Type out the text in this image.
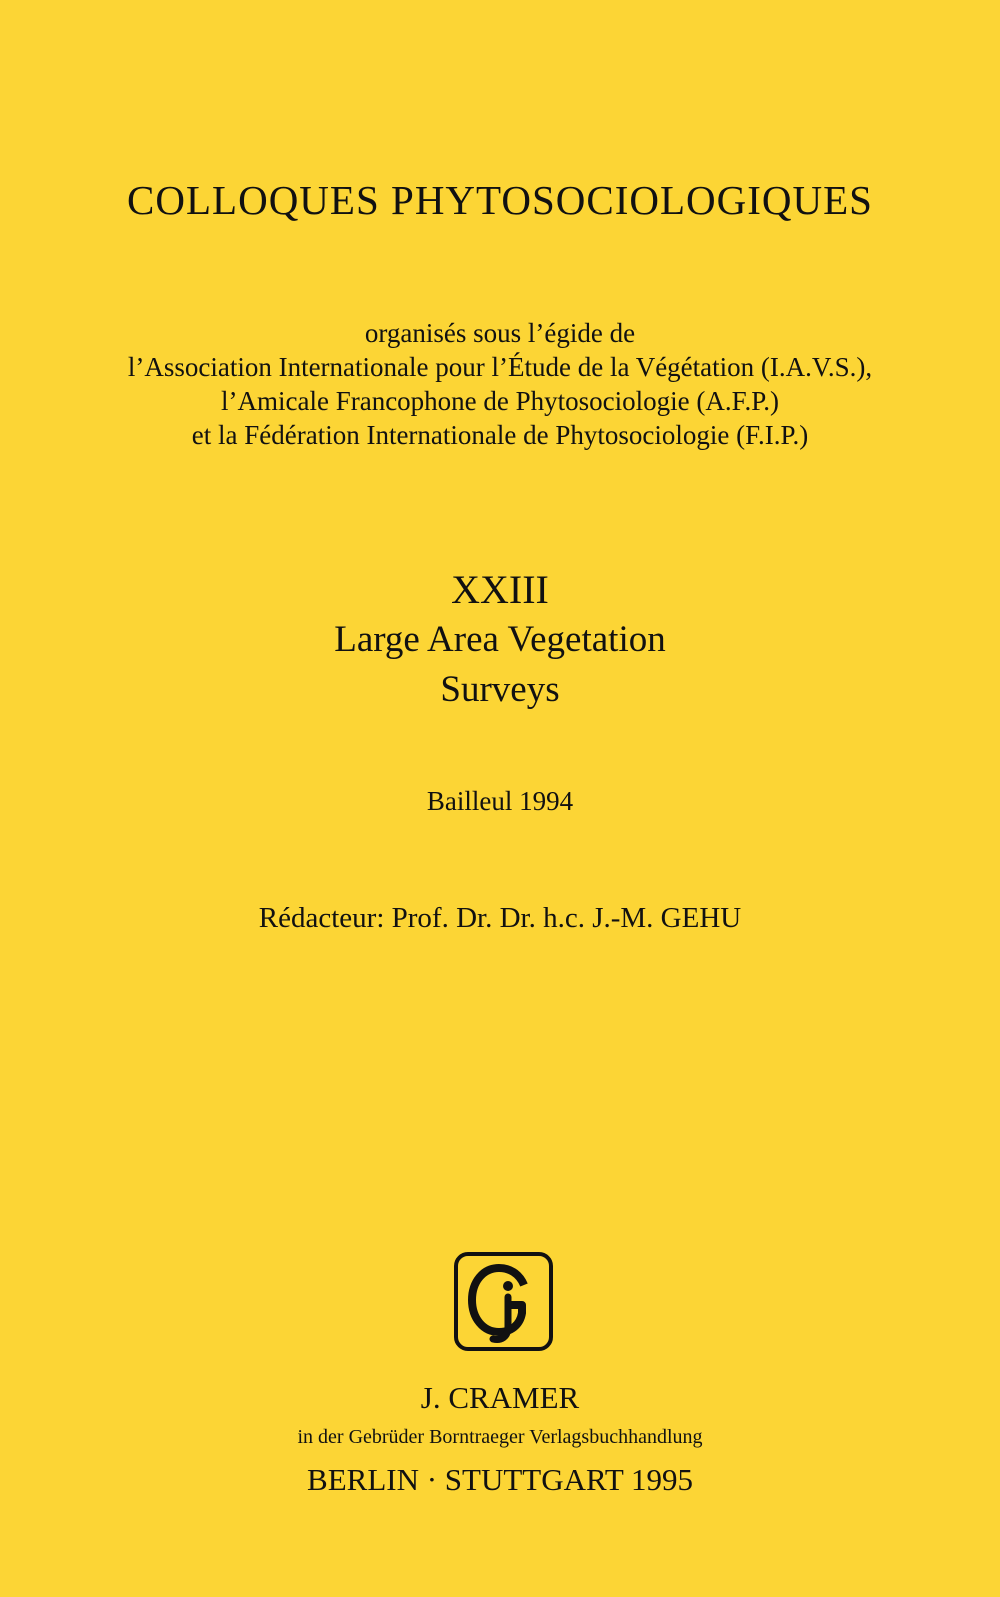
COLLOQUES PHYTOSOCIOLOGIQUES
organisés sous l’égide de
l’Association Internationale pour l’Étude de la Végétation (I.A.V.S.),
l’Amicale Francophone de Phytosociologie (A.F.P.)
et la Fédération Internationale de Phytosociologie (F.I.P.)
XXIII
Large Area Vegetation
Surveys
Bailleul 1994
Rédacteur: Prof. Dr. Dr. h.c. J.-M. GEHU
J. CRAMER
in der Gebrüder Borntraeger Verlagsbuchhandlung
BERLIN · STUTTGART 1995
